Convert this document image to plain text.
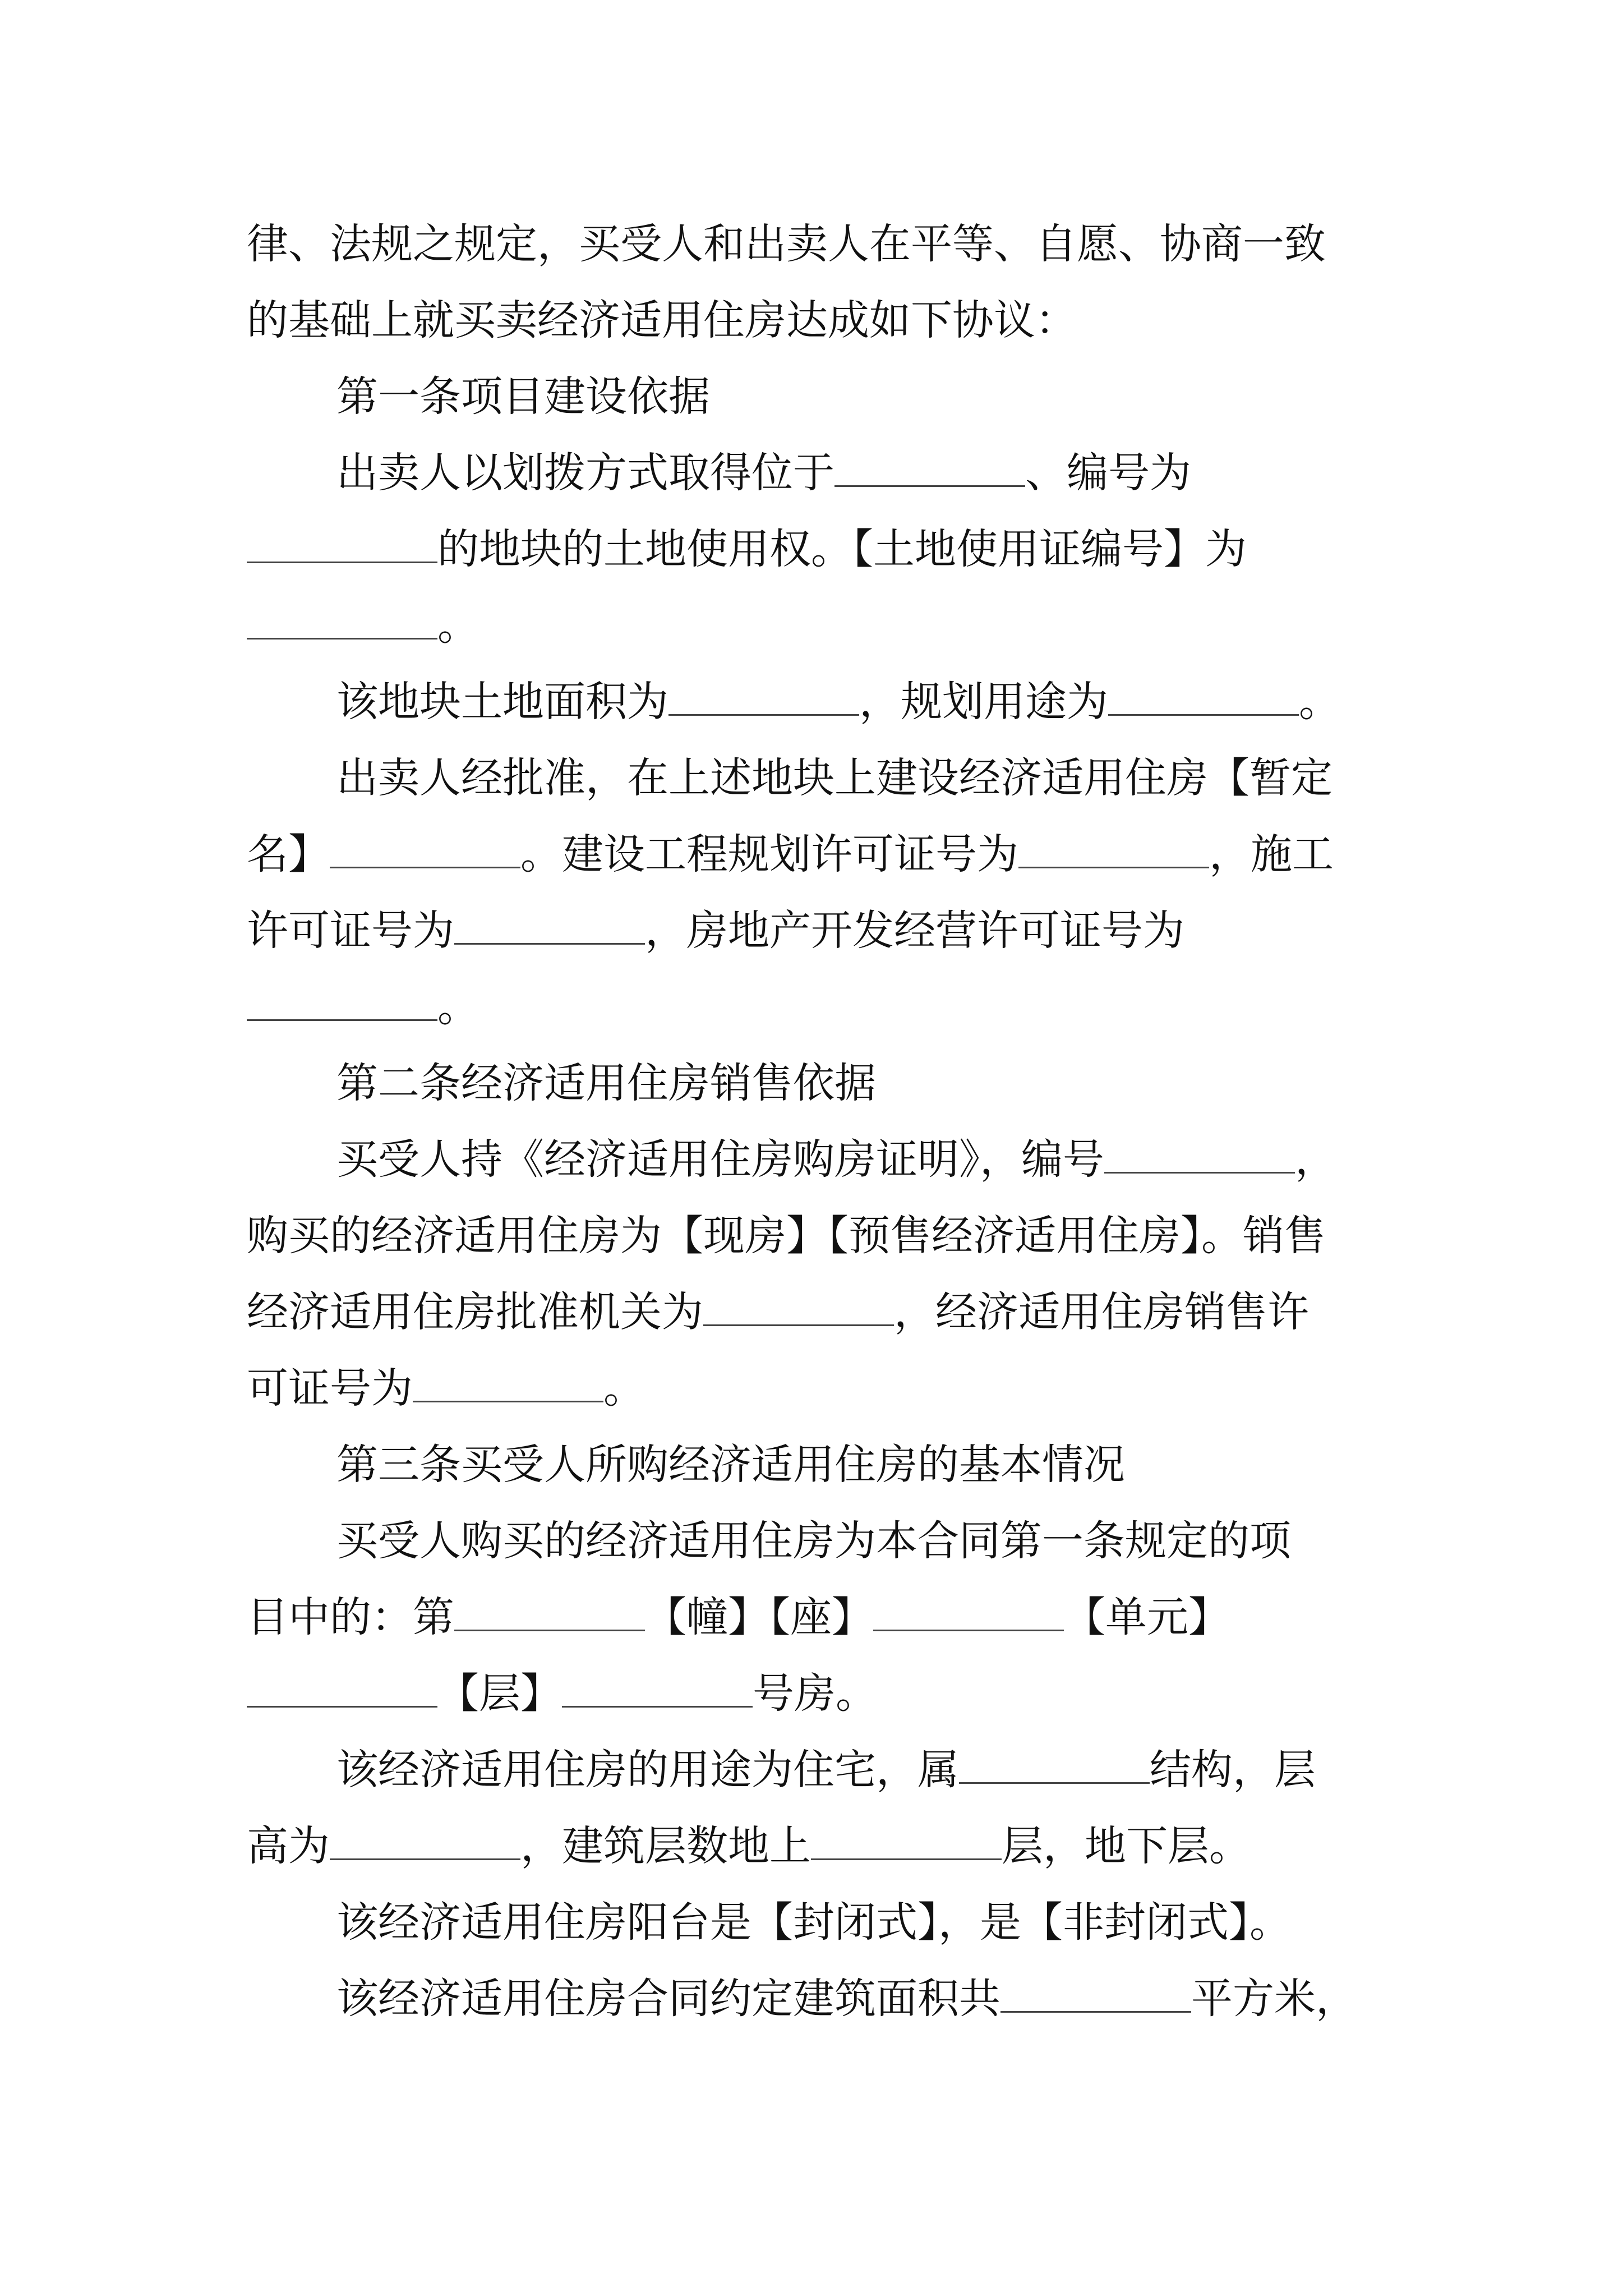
律、法规之规定，买受人和出卖人在平等、自愿、协商一致
的基础上就买卖经济适用住房达成如下协议：
第一条项目建设依据
出卖人以划拨方式取得位于	、编号为
的地块的土地使用权。【土地使用证编号】为
。
该地块土地面积为	，规划用途为	。
出卖人经批准，在上述地块上建设经济适用住房【暂定
名】	。建设工程规划许可证号为	，施工
许可证号为	，房地产开发经营许可证号为
。
第二条经济适用住房销售依据
买受人持《经济适用住房购房证明》，编号	，
购买的经济适用住房为【现房】【预售经济适用住房】。销售
经济适用住房批准机关为	，经济适用住房销售许
可证号为	。
第三条买受人所购经济适用住房的基本情况
买受人购买的经济适用住房为本合同第一条规定的项
目中的：第	【幢】【座】	【单元】
【层】	号房。
该经济适用住房的用途为住宅，属	结构，层
高为	，建筑层数地上	层，地下层。
该经济适用住房阳台是【封闭式】，是【非封闭式】。
该经济适用住房合同约定建筑面积共	平方米，
